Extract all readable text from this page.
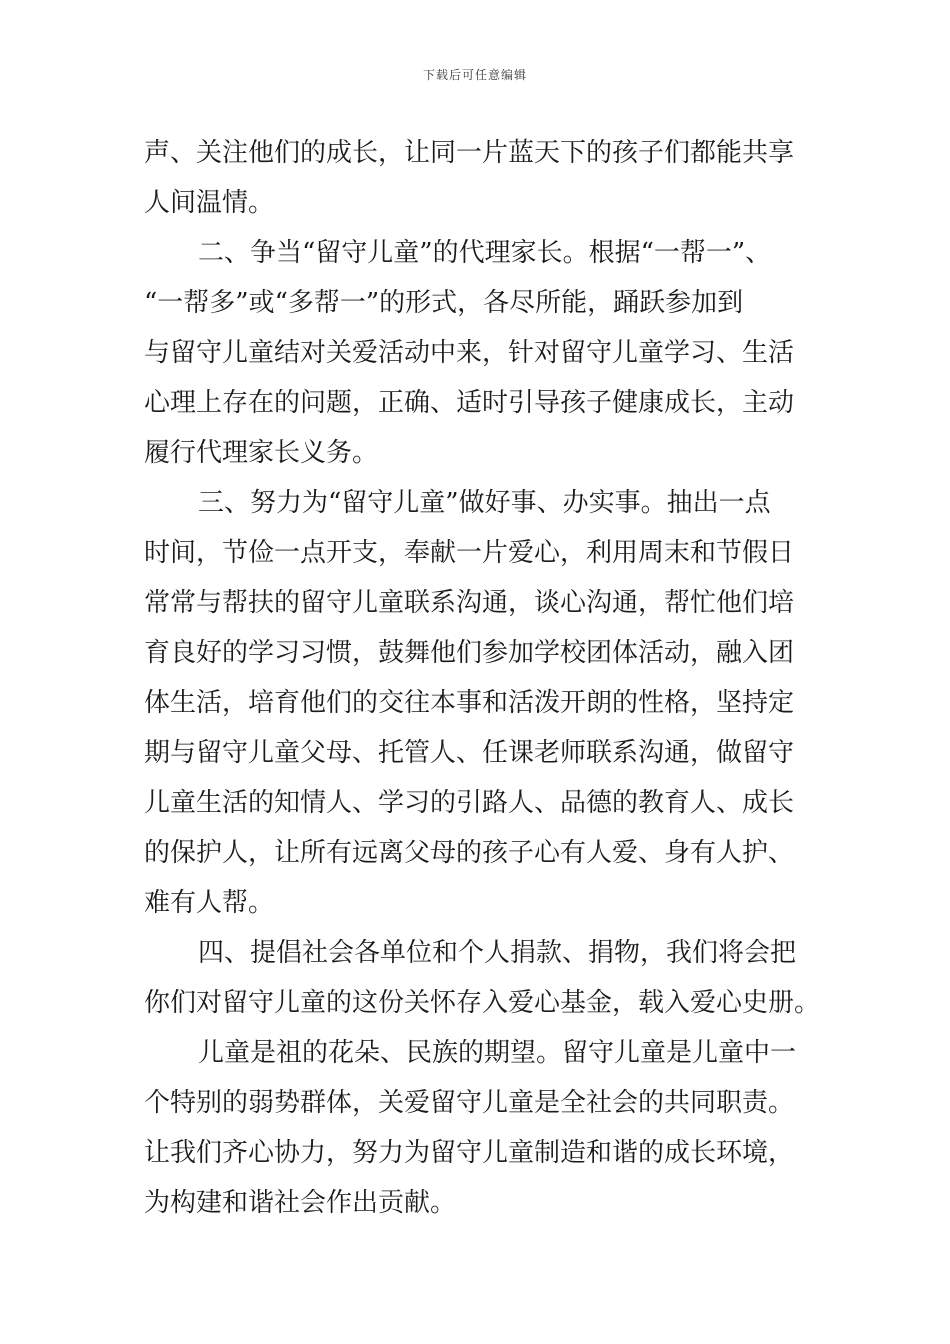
下载后可任意编辑
声、关注他们的成长，让同一片蓝天下的孩子们都能共享
人间温情。
二、争当“留守儿童”的代理家长。根据“一帮一”、
“一帮多”或“多帮一”的形式，各尽所能，踊跃参加到
与留守儿童结对关爱活动中来，针对留守儿童学习、生活
心理上存在的问题，正确、适时引导孩子健康成长，主动
履行代理家长义务。
三、努力为“留守儿童”做好事、办实事。抽出一点
时间，节俭一点开支，奉献一片爱心，利用周末和节假日
常常与帮扶的留守儿童联系沟通，谈心沟通，帮忙他们培
育良好的学习习惯，鼓舞他们参加学校团体活动，融入团
体生活，培育他们的交往本事和活泼开朗的性格，坚持定
期与留守儿童父母、托管人、任课老师联系沟通，做留守
儿童生活的知情人、学习的引路人、品德的教育人、成长
的保护人，让所有远离父母的孩子心有人爱、身有人护、
难有人帮。
四、提倡社会各单位和个人捐款、捐物，我们将会把
你们对留守儿童的这份关怀存入爱心基金，载入爱心史册。
儿童是祖的花朵、民族的期望。留守儿童是儿童中一
个特别的弱势群体，关爱留守儿童是全社会的共同职责。
让我们齐心协力，努力为留守儿童制造和谐的成长环境，
为构建和谐社会作出贡献。
